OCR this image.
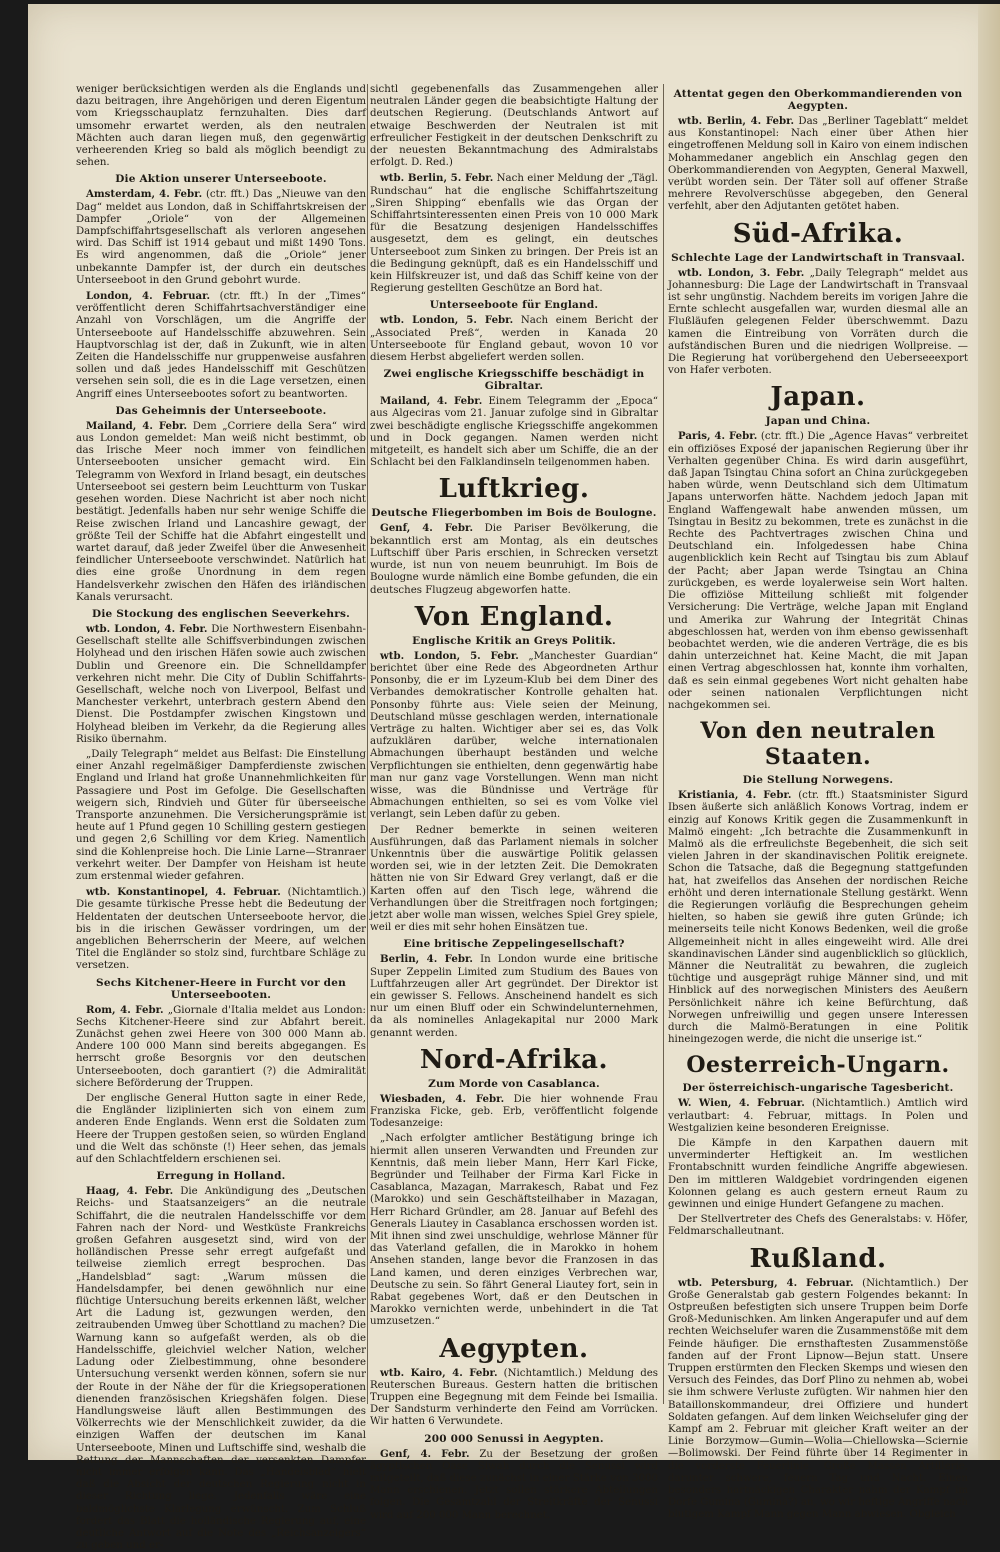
weniger berücksichtigen werden als die Englands und dazu beitragen, ihre Angehörigen und deren Eigentum vom Kriegsschauplatz fernzuhalten. Dies darf umsomehr erwartet werden, als den neutralen Mächten auch daran liegen muß, den gegenwärtig verheerenden Krieg so bald als möglich beendigt zu sehen.

Die Aktion unserer Unterseeboote.

Amsterdam, 4. Febr. (ctr. fft.) Das „Nieuwe van den Dag“ meldet aus London, daß in Schiffahrtskreisen der Dampfer „Oriole“ von der Allgemeinen Dampfschiffahrtsgesellschaft als verloren angesehen wird. Das Schiff ist 1914 gebaut und mißt 1490 Tons. Es wird angenommen, daß die „Oriole“ jener unbekannte Dampfer ist, der durch ein deutsches Unterseeboot in den Grund gebohrt wurde.

London, 4. Februar. (ctr. fft.) In der „Times“ veröffentlicht deren Schiffahrtsachverständiger eine Anzahl von Vorschlägen, um die Angriffe der Unterseeboote auf Handelsschiffe abzuwehren. Sein Hauptvorschlag ist der, daß in Zukunft, wie in alten Zeiten die Handelsschiffe nur gruppenweise ausfahren sollen und daß jedes Handelsschiff mit Geschützen versehen sein soll, die es in die Lage versetzen, einen Angriff eines Unterseebootes sofort zu beantworten.

Das Geheimnis der Unterseeboote.

Mailand, 4. Febr. Dem „Corriere della Sera“ wird aus London gemeldet: Man weiß nicht bestimmt, ob das Irische Meer noch immer von feindlichen Unterseebooten unsicher gemacht wird. Ein Telegramm von Wexford in Irland besagt, ein deutsches Unterseeboot sei gestern beim Leuchtturm von Tuskar gesehen worden. Diese Nachricht ist aber noch nicht bestätigt. Jedenfalls haben nur sehr wenige Schiffe die Reise zwischen Irland und Lancashire gewagt, der größte Teil der Schiffe hat die Abfahrt eingestellt und wartet darauf, daß jeder Zweifel über die Anwesenheit feindlicher Unterseeboote verschwindet. Natürlich hat dies eine große Unordnung in dem regen Handelsverkehr zwischen den Häfen des irländischen Kanals verursacht.

Die Stockung des englischen Seeverkehrs.

wtb. London, 4. Febr. Die Northwestern Eisenbahn-Gesellschaft stellte alle Schiffsverbindungen zwischen Holyhead und den irischen Häfen sowie auch zwischen Dublin und Greenore ein. Die Schnelldampfer verkehren nicht mehr. Die City of Dublin Schiffahrts-Gesellschaft, welche noch von Liverpool, Belfast und Manchester verkehrt, unterbrach gestern Abend den Dienst. Die Postdampfer zwischen Kingstown und Holyhead bleiben im Verkehr, da die Regierung alles Risiko übernahm.

„Daily Telegraph“ meldet aus Belfast: Die Einstellung einer Anzahl regelmäßiger Dampferdienste zwischen England und Irland hat große Unannehmlichkeiten für Passagiere und Post im Gefolge. Die Gesellschaften weigern sich, Rindvieh und Güter für überseeische Transporte anzunehmen. Die Versicherungsprämie ist heute auf 1 Pfund gegen 10 Schilling gestern gestiegen und gegen 2,6 Schilling vor dem Krieg. Namentlich sind die Kohlenpreise hoch. Die Linie Larne—Stranraer verkehrt weiter. Der Dampfer von Heisham ist heute zum erstenmal wieder gefahren.

wtb. Konstantinopel, 4. Februar. (Nichtamtlich.) Die gesamte türkische Presse hebt die Bedeutung der Heldentaten der deutschen Unterseeboote hervor, die bis in die irischen Gewässer vordringen, um der angeblichen Beherrscherin der Meere, auf welchen Titel die Engländer so stolz sind, furchtbare Schläge zu versetzen.

Sechs Kitchener-Heere in Furcht vor den Unterseebooten.

Rom, 4. Febr. „Giornale d'Italia meldet aus London: Sechs Kitchener-Heere sind zur Abfahrt bereit. Zunächst gehen zwei Heere von 300 000 Mann ab. Andere 100 000 Mann sind bereits abgegangen. Es herrscht große Besorgnis vor den deutschen Unterseebooten, doch garantiert (?) die Admiralität sichere Beförderung der Truppen.

Der englische General Hutton sagte in einer Rede, die Engländer liziplinierten sich von einem zum anderen Ende Englands. Wenn erst die Soldaten zum Heere der Truppen gestoßen seien, so würden England und die Welt das schönste (!) Heer sehen, das jemals auf den Schlachtfeldern erschienen sei.

Erregung in Holland.

Haag, 4. Febr. Die Ankündigung des „Deutschen Reichs- und Staatsanzeigers“ an die neutrale Schiffahrt, die die neutralen Handelsschiffe vor dem Fahren nach der Nord- und Westküste Frankreichs großen Gefahren ausgesetzt sind, wird von der holländischen Presse sehr erregt aufgefaßt und teilweise ziemlich erregt besprochen. Das „Handelsblad“ sagt: „Warum müssen die Handelsdampfer, bei denen gewöhnlich nur eine flüchtige Untersuchung bereits erkennen läßt, welcher Art die Ladung ist, gezwungen werden, den zeitraubenden Umweg über Schottland zu machen? Die Warnung kann so aufgefaßt werden, als ob die Handelsschiffe, gleichviel welcher Nation, welcher Ladung oder Zielbestimmung, ohne besondere Untersuchung versenkt werden können, sofern sie nur der Route in der Nähe der für die Kriegsoperationen dienenden französischen Kriegshäfen folgen. Diese Handlungsweise läuft allen Bestimmungen des Völkerrechts wie der Menschlichkeit zuwider, da die einzigen Waffen der deutschen im Kanal Unterseeboote, Minen und Luftschiffe sind, weshalb die Rettung der Mannschaften der versenkten Dampfer nicht immer erfolgen kann. Das „Handelsblad“ hielt daß die Absicht der deutschen Regierung nicht in dieser Richtung liege. Jedenfalls wäre eine baldmöglichste Klarlegung erwünscht. Zum Schluß fordert das Blatt die holländische Regierung auf, eine deutliche Antwort auf die Note des „Reichsanzeigers“ zu geben und er-

sichtl gegebenenfalls das Zusammengehen aller neutralen Länder gegen die beabsichtigte Haltung der deutschen Regierung. (Deutschlands Antwort auf etwaige Beschwerden der Neutralen ist mit erfreulicher Festigkeit in der deutschen Denkschrift zu der neuesten Bekanntmachung des Admiralstabs erfolgt. D. Red.)

wtb. Berlin, 5. Febr. Nach einer Meldung der „Tägl. Rundschau“ hat die englische Schiffahrtszeitung „Siren Shipping“ ebenfalls wie das Organ der Schiffahrtsinteressenten einen Preis von 10 000 Mark für die Besatzung desjenigen Handelsschiffes ausgesetzt, dem es gelingt, ein deutsches Unterseeboot zum Sinken zu bringen. Der Preis ist an die Bedingung geknüpft, daß es ein Handelsschiff und kein Hilfskreuzer ist, und daß das Schiff keine von der Regierung gestellten Geschütze an Bord hat.

Unterseeboote für England.

wtb. London, 5. Febr. Nach einem Bericht der „Associated Preß“, werden in Kanada 20 Unterseeboote für England gebaut, wovon 10 vor diesem Herbst abgeliefert werden sollen.

Zwei englische Kriegsschiffe beschädigt in Gibraltar.

Mailand, 4. Febr. Einem Telegramm der „Epoca“ aus Algeciras vom 21. Januar zufolge sind in Gibraltar zwei beschädigte englische Kriegsschiffe angekommen und in Dock gegangen. Namen werden nicht mitgeteilt, es handelt sich aber um Schiffe, die an der Schlacht bei den Falklandinseln teilgenommen haben.

Luftkrieg.
Deutsche Fliegerbomben im Bois de Boulogne.

Genf, 4. Febr. Die Pariser Bevölkerung, die bekanntlich erst am Montag, als ein deutsches Luftschiff über Paris erschien, in Schrecken versetzt wurde, ist nun von neuem beunruhigt. Im Bois de Boulogne wurde nämlich eine Bombe gefunden, die ein deutsches Flugzeug abgeworfen hatte.

Von England.
Englische Kritik an Greys Politik.

wtb. London, 5. Febr. „Manchester Guardian“ berichtet über eine Rede des Abgeordneten Arthur Ponsonby, die er im Lyzeum-Klub bei dem Diner des Verbandes demokratischer Kontrolle gehalten hat. Ponsonby führte aus: Viele seien der Meinung, Deutschland müsse geschlagen werden, internationale Verträge zu halten. Wichtiger aber sei es, das Volk aufzuklären darüber, welche internationalen Abmachungen überhaupt beständen und welche Verpflichtungen sie enthielten, denn gegenwärtig habe man nur ganz vage Vorstellungen. Wenn man nicht wisse, was die Bündnisse und Verträge für Abmachungen enthielten, so sei es vom Volke viel verlangt, sein Leben dafür zu geben.

Der Redner bemerkte in seinen weiteren Ausführungen, daß das Parlament niemals in solcher Unkenntnis über die auswärtige Politik gelassen worden sei, wie in der letzten Zeit. Die Demokraten hätten nie von Sir Edward Grey verlangt, daß er die Karten offen auf den Tisch lege, während die Verhandlungen über die Streitfragen noch fortgingen; jetzt aber wolle man wissen, welches Spiel Grey spiele, weil er dies mit sehr hohen Einsätzen tue.

Eine britische Zeppelingesellschaft?

Berlin, 4. Febr. In London wurde eine britische Super Zeppelin Limited zum Studium des Baues von Luftfahrzeugen aller Art gegründet. Der Direktor ist ein gewisser S. Fellows. Anscheinend handelt es sich nur um einen Bluff oder ein Schwindelunternehmen, da als nominelles Anlagekapital nur 2000 Mark genannt werden.

Nord-Afrika.
Zum Morde von Casablanca.

Wiesbaden, 4. Febr. Die hier wohnende Frau Franziska Ficke, geb. Erb, veröffentlicht folgende Todesanzeige:

„Nach erfolgter amtlicher Bestätigung bringe ich hiermit allen unseren Verwandten und Freunden zur Kenntnis, daß mein lieber Mann, Herr Karl Ficke, Begründer und Teilhaber der Firma Karl Ficke in Casablanca, Mazagan, Marrakesch, Rabat und Fez (Marokko) und sein Geschäftsteilhaber in Mazagan, Herr Richard Gründler, am 28. Januar auf Befehl des Generals Liautey in Casablanca erschossen worden ist. Mit ihnen sind zwei unschuldige, wehrlose Männer für das Vaterland gefallen, die in Marokko in hohem Ansehen standen, lange bevor die Franzosen in das Land kamen, und deren einziges Verbrechen war, Deutsche zu sein. So fährt General Liautey fort, sein in Rabat gegebenes Wort, daß er den Deutschen in Marokko vernichten werde, unbehindert in die Tat umzusetzen.“

Aegypten.

wtb. Kairo, 4. Febr. (Nichtamtlich.) Meldung des Reuterschen Bureaus. Gestern hatten die britischen Truppen eine Begegnung mit dem Feinde bei Ismailia. Der Sandsturm verhinderte den Feind am Vorrücken. Wir hatten 6 Verwundete.

200 000 Senussi in Aegypten.

Genf, 4. Febr. Zu der Besetzung der großen ägyptischen Oase Siwah durch die Senussi wird mitgeteilt, daß diese zunächst in einer Stärke von 3000 Mann erschienen. Jetzt sollen stärkere Abteilungen folgen. Die Gesamtzahl der Streitkräfte der Senussi wird auf 200 000 Mann berechnet.

Attentat gegen den Oberkommandierenden von Aegypten.

wtb. Berlin, 4. Febr. Das „Berliner Tageblatt“ meldet aus Konstantinopel: Nach einer über Athen hier eingetroffenen Meldung soll in Kairo von einem indischen Mohammedaner angeblich ein Anschlag gegen den Oberkommandierenden von Aegypten, General Maxwell, verübt worden sein. Der Täter soll auf offener Straße mehrere Revolverschüsse abgegeben, den General verfehlt, aber den Adjutanten getötet haben.

Süd-Afrika.
Schlechte Lage der Landwirtschaft in Transvaal.

wtb. London, 3. Febr. „Daily Telegraph“ meldet aus Johannesburg: Die Lage der Landwirtschaft in Transvaal ist sehr ungünstig. Nachdem bereits im vorigen Jahre die Ernte schlecht ausgefallen war, wurden diesmal alle an Flußläufen gelegenen Felder überschwemmt. Dazu kamen die Eintreibung von Vorräten durch die aufständischen Buren und die niedrigen Wollpreise. — Die Regierung hat vorübergehend den Ueberseeexport von Hafer verboten.

Japan.
Japan und China.

Paris, 4. Febr. (ctr. fft.) Die „Agence Havas“ verbreitet ein offiziöses Exposé der japanischen Regierung über ihr Verhalten gegenüber China. Es wird darin ausgeführt, daß Japan Tsingtau China sofort an China zurückgegeben haben würde, wenn Deutschland sich dem Ultimatum Japans unterworfen hätte. Nachdem jedoch Japan mit England Waffengewalt habe anwenden müssen, um Tsingtau in Besitz zu bekommen, trete es zunächst in die Rechte des Pachtvertrages zwischen China und Deutschland ein. Infolgedessen habe China augenblicklich kein Recht auf Tsingtau bis zum Ablauf der Pacht; aber Japan werde Tsingtau an China zurückgeben, es werde loyalerweise sein Wort halten. Die offiziöse Mitteilung schließt mit folgender Versicherung: Die Verträge, welche Japan mit England und Amerika zur Wahrung der Integrität Chinas abgeschlossen hat, werden von ihm ebenso gewissenhaft beobachtet werden, wie die anderen Verträge, die es bis dahin unterzeichnet hat. Keine Macht, die mit Japan einen Vertrag abgeschlossen hat, konnte ihm vorhalten, daß es sein einmal gegebenes Wort nicht gehalten habe oder seinen nationalen Verpflichtungen nicht nachgekommen sei.

Von den neutralen Staaten.
Die Stellung Norwegens.

Kristiania, 4. Febr. (ctr. fft.) Staatsminister Sigurd Ibsen äußerte sich anläßlich Konows Vortrag, indem er einzig auf Konows Kritik gegen die Zusammenkunft in Malmö eingeht: „Ich betrachte die Zusammenkunft in Malmö als die erfreulichste Begebenheit, die sich seit vielen Jahren in der skandinavischen Politik ereignete. Schon die Tatsache, daß die Begegnung stattgefunden hat, hat zweifellos das Ansehen der nordischen Reiche erhöht und deren internationale Stellung gestärkt. Wenn die Regierungen vorläufig die Besprechungen geheim hielten, so haben sie gewiß ihre guten Gründe; ich meinerseits teile nicht Konows Bedenken, weil die große Allgemeinheit nicht in alles eingeweiht wird. Alle drei skandinavischen Länder sind augenblicklich so glücklich, Männer die Neutralität zu bewahren, die zugleich tüchtige und ausgeprägt ruhige Männer sind, und mit Hinblick auf des norwegischen Ministers des Aeußern Persönlichkeit nähre ich keine Befürchtung, daß Norwegen unfreiwillig und gegen unsere Interessen durch die Malmö-Beratungen in eine Politik hineingezogen werde, die nicht die unserige ist.“

Oesterreich-Ungarn.
Der österreichisch-ungarische Tagesbericht.

W. Wien, 4. Februar. (Nichtamtlich.) Amtlich wird verlautbart: 4. Februar, mittags. In Polen und Westgalizien keine besonderen Ereignisse.

Die Kämpfe in den Karpathen dauern mit unverminderter Heftigkeit an. Im westlichen Frontabschnitt wurden feindliche Angriffe abgewiesen. Den im mittleren Waldgebiet vordringenden eigenen Kolonnen gelang es auch gestern erneut Raum zu gewinnen und einige Hundert Gefangene zu machen.

Der Stellvertreter des Chefs des Generalstabs: v. Höfer, Feldmarschalleutnant.

Rußland.

wtb. Petersburg, 4. Februar. (Nichtamtlich.) Der Große Generalstab gab gestern Folgendes bekannt: In Ostpreußen befestigten sich unsere Truppen beim Dorfe Groß-Medunischken. Am linken Angerapufer und auf dem rechten Weichselufer waren die Zusammenstöße mit dem Feinde häufiger. Die ernsthaftesten Zusammenstöße fanden auf der Front Lipnow—Bejun statt. Unsere Truppen erstürmten den Flecken Skemps und wiesen den Versuch des Feindes, das Dorf Plino zu nehmen ab, wobei sie ihm schwere Verluste zufügten. Wir nahmen hier den Bataillonskommandeur, drei Offiziere und hundert Soldaten gefangen. Auf dem linken Weichselufer ging der Kampf am 2. Februar mit gleicher Kraft weiter an der Linie Borzymow—Gumin—Wolia—Chiellowska—Sciernie—Bolimowski. Der Feind führte über 14 Regimenter in die vorderste Feuerlinie. Große Massen Artillerie, darunter schwere, feuern Tag und Nacht. Einen besonders hartnäckigen Charakter nahm der Kampf im Dorfe Gumina (Guminà?) an, wo wir heftige Angriffe nach blutigem Kampf Mann gegen Mann abwiesen. Obgleich
